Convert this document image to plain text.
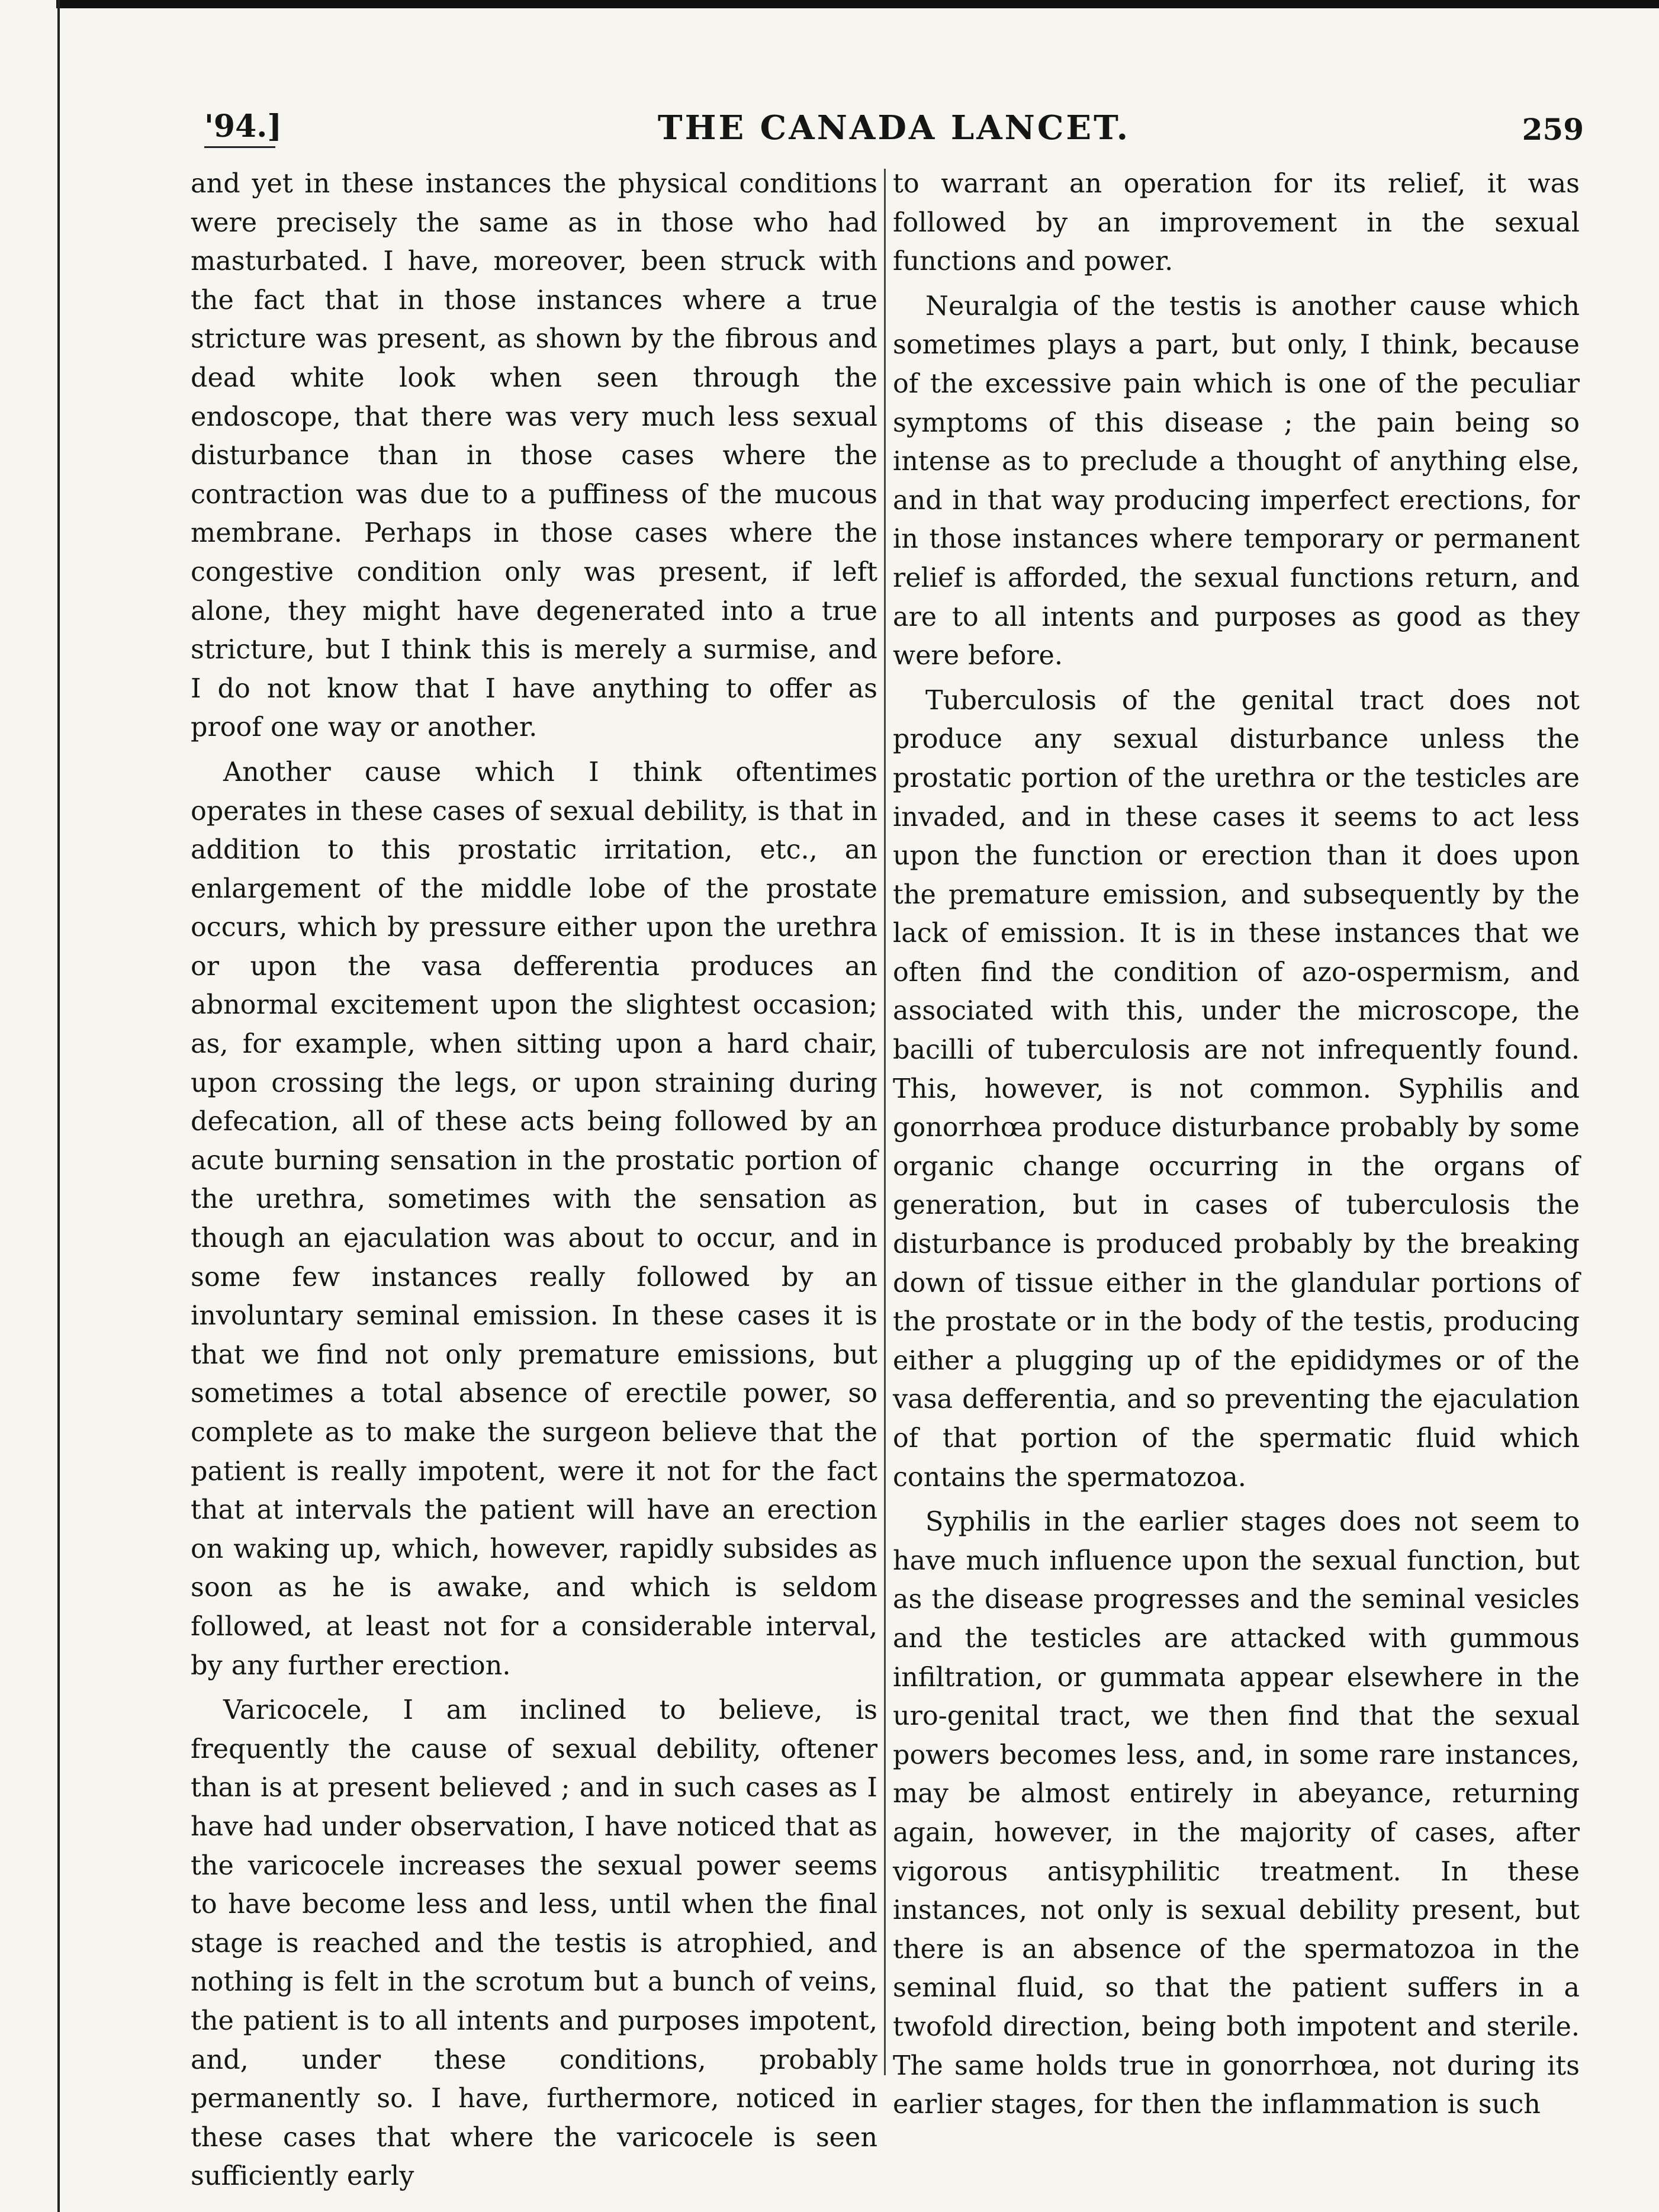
'94.]	THE CANADA LANCET.	259

and yet in these instances the physical conditions were precisely the same as in those who had masturbated. I have, moreover, been struck with the fact that in those instances where a true stricture was present, as shown by the fibrous and dead white look when seen through the endoscope, that there was very much less sexual disturbance than in those cases where the contraction was due to a puffiness of the mucous membrane. Perhaps in those cases where the congestive condition only was present, if left alone, they might have degenerated into a true stricture, but I think this is merely a surmise, and I do not know that I have anything to offer as proof one way or another.

Another cause which I think oftentimes operates in these cases of sexual debility, is that in addition to this prostatic irritation, etc., an enlargement of the middle lobe of the prostate occurs, which by pressure either upon the urethra or upon the vasa defferentia produces an abnormal excitement upon the slightest occasion; as, for example, when sitting upon a hard chair, upon crossing the legs, or upon straining during defecation, all of these acts being followed by an acute burning sensation in the prostatic portion of the urethra, sometimes with the sensation as though an ejaculation was about to occur, and in some few instances really followed by an involuntary seminal emission. In these cases it is that we find not only premature emissions, but sometimes a total absence of erectile power, so complete as to make the surgeon believe that the patient is really impotent, were it not for the fact that at intervals the patient will have an erection on waking up, which, however, rapidly subsides as soon as he is awake, and which is seldom followed, at least not for a considerable interval, by any further erection.

Varicocele, I am inclined to believe, is frequently the cause of sexual debility, oftener than is at present believed ; and in such cases as I have had under observation, I have noticed that as the varicocele increases the sexual power seems to have become less and less, until when the final stage is reached and the testis is atrophied, and nothing is felt in the scrotum but a bunch of veins, the patient is to all intents and purposes impotent, and, under these conditions, probably permanently so. I have, furthermore, noticed in these cases that where the varicocele is seen sufficiently early

to warrant an operation for its relief, it was followed by an improvement in the sexual functions and power.

Neuralgia of the testis is another cause which sometimes plays a part, but only, I think, because of the excessive pain which is one of the peculiar symptoms of this disease ; the pain being so intense as to preclude a thought of anything else, and in that way producing imperfect erections, for in those instances where temporary or permanent relief is afforded, the sexual functions return, and are to all intents and purposes as good as they were before.

Tuberculosis of the genital tract does not produce any sexual disturbance unless the prostatic portion of the urethra or the testicles are invaded, and in these cases it seems to act less upon the function or erection than it does upon the premature emission, and subsequently by the lack of emission. It is in these instances that we often find the condition of azo-ospermism, and associated with this, under the microscope, the bacilli of tuberculosis are not infrequently found. This, however, is not common. Syphilis and gonorrhœa produce disturbance probably by some organic change occurring in the organs of generation, but in cases of tuberculosis the disturbance is produced probably by the breaking down of tissue either in the glandular portions of the prostate or in the body of the testis, producing either a plugging up of the epididymes or of the vasa defferentia, and so preventing the ejaculation of that portion of the spermatic fluid which contains the spermatozoa.

Syphilis in the earlier stages does not seem to have much influence upon the sexual function, but as the disease progresses and the seminal vesicles and the testicles are attacked with gummous infiltration, or gummata appear elsewhere in the uro-genital tract, we then find that the sexual powers becomes less, and, in some rare instances, may be almost entirely in abeyance, returning again, however, in the majority of cases, after vigorous antisyphilitic treatment. In these instances, not only is sexual debility present, but there is an absence of the spermatozoa in the seminal fluid, so that the patient suffers in a twofold direction, being both impotent and sterile. The same holds true in gonorrhœa, not during its earlier stages, for then the inflammation is such
